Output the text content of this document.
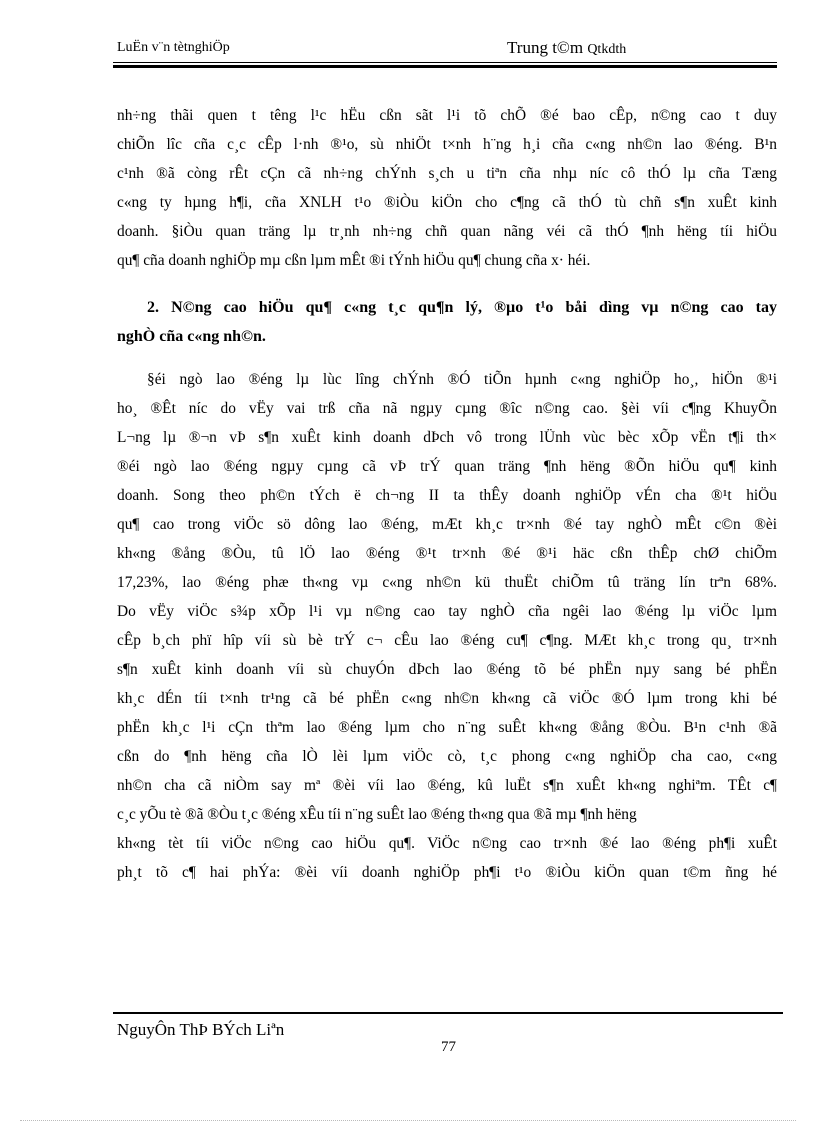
LuËn v¨n tètnghiÖp	Trung t©m Qtkdth
nh÷ng thãi quen t têng l¹c hËu cßn sãt l¹i tõ chÕ ®é bao cÊp, n©ng cao t duy
chiÕn lîc cña c¸c cÊp l·nh ®¹o, sù nhiÖt t×nh h¨ng h¸i cña c«ng nh©n lao ®éng. B¹n
c¹nh ®ã còng rÊt cÇn cã nh÷ng chÝnh s¸ch u tiªn cña nhµ níc cô thÓ lµ cña Tæng
c«ng ty hµng h¶i, cña XNLH t¹o ®iÒu kiÖn cho c¶ng cã thÓ tù chñ s¶n xuÊt kinh
doanh. §iÒu quan träng lµ tr¸nh nh÷ng chñ quan nãng véi cã thÓ ¶nh hëng tíi hiÖu
qu¶ cña doanh nghiÖp mµ cßn lµm mÊt ®i tÝnh hiÖu qu¶ chung cña x· héi.
2. N©ng cao hiÖu qu¶ c«ng t¸c qu¶n lý, ®µo t¹o båi dìng vµ n©ng cao tay
nghÒ cña c«ng nh©n.
§éi ngò lao ®éng lµ lùc lîng chÝnh ®Ó tiÕn hµnh c«ng nghiÖp ho¸, hiÖn ®¹i
ho¸ ®Êt níc do vËy vai trß cña nã ngµy cµng ®îc n©ng cao. §èi víi c¶ng KhuyÕn
L¬ng lµ ®¬n vÞ s¶n xuÊt kinh doanh dÞch vô trong lÜnh vùc bèc xÕp vËn t¶i th×
®éi ngò lao ®éng ngµy cµng cã vÞ trÝ quan träng ¶nh hëng ®Õn hiÖu qu¶ kinh
doanh. Song theo ph©n tÝch ë ch¬ng II ta thÊy doanh nghiÖp vÉn cha ®¹t hiÖu
qu¶ cao trong viÖc sö dông lao ®éng, mÆt kh¸c tr×nh ®é tay nghÒ mÊt c©n ®èi
kh«ng ®ång ®Òu, tû lÖ lao ®éng ®¹t tr×nh ®é ®¹i häc cßn thÊp chØ chiÕm
17,23%, lao ®éng phæ th«ng vµ c«ng nh©n kü thuËt chiÕm tû träng lín trªn 68%.
Do vËy viÖc s¾p xÕp l¹i vµ n©ng cao tay nghÒ cña ngêi lao ®éng lµ viÖc lµm
cÊp b¸ch phï hîp víi sù bè trÝ c¬ cÊu lao ®éng cu¶ c¶ng. MÆt kh¸c trong qu¸ tr×nh
s¶n xuÊt kinh doanh víi sù chuyÓn dÞch lao ®éng tõ bé phËn nµy sang bé phËn
kh¸c dÉn tíi t×nh tr¹ng cã bé phËn c«ng nh©n kh«ng cã viÖc ®Ó lµm trong khi bé
phËn kh¸c l¹i cÇn thªm lao ®éng lµm cho n¨ng suÊt kh«ng ®ång ®Òu. B¹n c¹nh ®ã
cßn do ¶nh hëng cña lÒ lèi lµm viÖc cò, t¸c phong c«ng nghiÖp cha cao, c«ng
nh©n cha cã niÒm say mª ®èi víi lao ®éng, kû luËt s¶n xuÊt kh«ng nghiªm. TÊt c¶
c¸c yÕu tè ®ã ®Òu t¸c ®éng xÊu tíi n¨ng suÊt lao ®éng th«ng qua ®ã mµ ¶nh hëng
kh«ng tèt tíi viÖc n©ng cao hiÖu qu¶. ViÖc n©ng cao tr×nh ®é lao ®éng ph¶i xuÊt
ph¸t tõ c¶ hai phÝa: ®èi víi doanh nghiÖp ph¶i t¹o ®iÒu kiÖn quan t©m ñng hé
NguyÔn ThÞ BÝch Liªn
77
